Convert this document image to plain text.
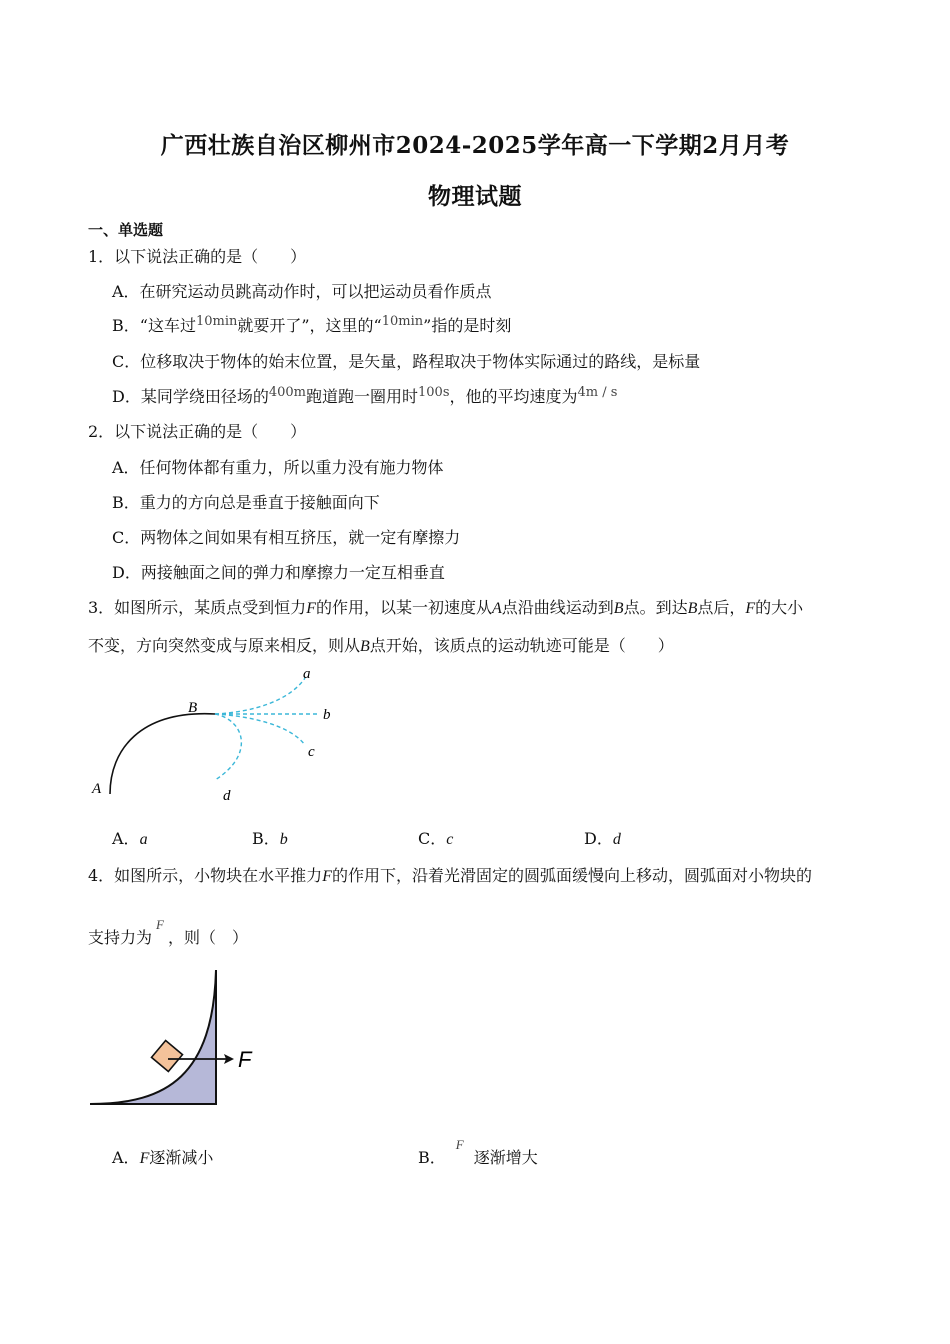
广西壮族自治区柳州市2024-2025学年高一下学期2月月考
物理试题
一、单选题
1．以下说法正确的是（　　）
A．在研究运动员跳高动作时，可以把运动员看作质点
B．“这车过$^{10min}$就要开了”，这里的“$^{10min}$”指的是时刻
C．位移取决于物体的始末位置，是矢量，路程取决于物体实际通过的路线，是标量
D．某同学绕田径场的$^{400m}$跑道跑一圈用时$^{100s}$，他的平均速度为$^{4m / s}$
2．以下说法正确的是（　　）
A．任何物体都有重力，所以重力没有施力物体
B．重力的方向总是垂直于接触面向下
C．两物体之间如果有相互挤压，就一定有摩擦力
D．两接触面之间的弹力和摩擦力一定互相垂直
3．如图所示，某质点受到恒力F的作用，以某一初速度从A点沿曲线运动到B点。到达B点后，F的大小
不变，方向突然变成与原来相反，则从B点开始，该质点的运动轨迹可能是（　　）
a
b
c
d
A
B
A．a	B．b	C．c	D．d
4．如图所示，小物块在水平推力F的作用下，沿着光滑固定的圆弧面缓慢向上移动，圆弧面对小物块的
支持力为$^F$，则（　）
F
A．F逐渐减小	B．$^F$逐渐增大
